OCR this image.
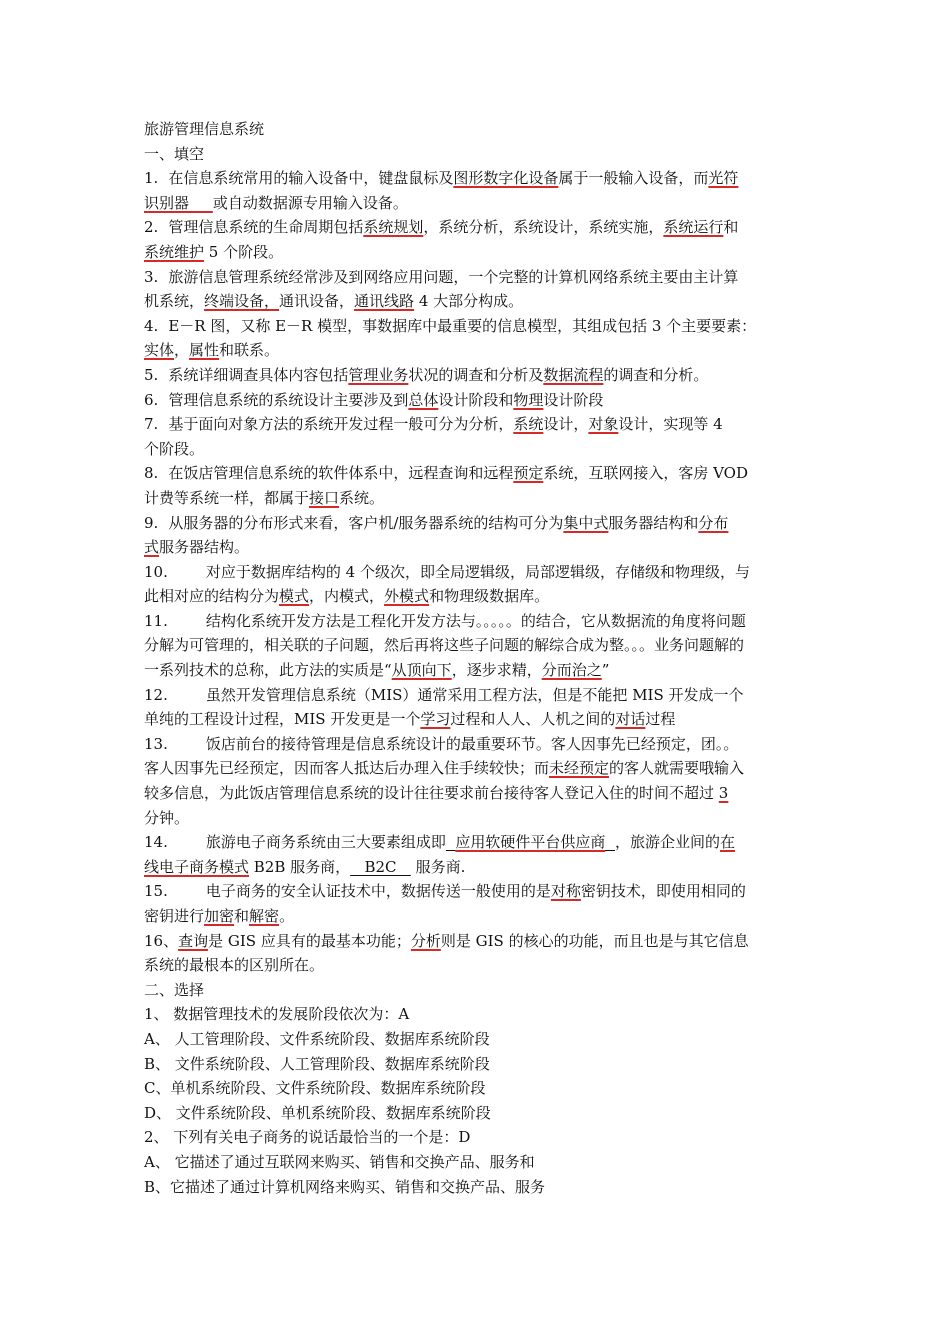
旅游管理信息系统
一、填空
1. 在信息系统常用的输入设备中，键盘鼠标及图形数字化设备属于一般输入设备，而光符
识别器 或自动数据源专用输入设备。
2. 管理信息系统的生命周期包括系统规划，系统分析，系统设计，系统实施，系统运行和
系统维护 5 个阶段。
3. 旅游信息管理系统经常涉及到网络应用问题，一个完整的计算机网络系统主要由主计算
机系统，终端设备，通讯设备，通讯线路 4 大部分构成。
4. E－R 图，又称 E－R 模型，事数据库中最重要的信息模型，其组成包括 3 个主要要素：
实体，属性和联系。
5. 系统详细调查具体内容包括管理业务状况的调查和分析及数据流程的调查和分析。
6. 管理信息系统的系统设计主要涉及到总体设计阶段和物理设计阶段
7. 基于面向对象方法的系统开发过程一般可分为分析，系统设计，对象设计，实现等 4
个阶段。
8. 在饭店管理信息系统的软件体系中，远程查询和远程预定系统，互联网接入，客房 VOD
计费等系统一样，都属于接口系统。
9. 从服务器的分布形式来看，客户机/服务器系统的结构可分为集中式服务器结构和分布
式服务器结构。
10.	对应于数据库结构的 4 个级次，即全局逻辑级，局部逻辑级，存储级和物理级，与
此相对应的结构分为模式，内模式，外模式和物理级数据库。
11.	结构化系统开发方法是工程化开发方法与。。。。。的结合，它从数据流的角度将问题
分解为可管理的，相关联的子问题，然后再将这些子问题的解综合成为整。。。业务问题解的
一系列技术的总称，此方法的实质是“从顶向下，逐步求精，分而治之”
12.	虽然开发管理信息系统（MIS）通常采用工程方法，但是不能把 MIS 开发成一个
单纯的工程设计过程，MIS 开发更是一个学习过程和人人、人机之间的对话过程
13.	饭店前台的接待管理是信息系统设计的最重要环节。客人因事先已经预定，团。。
客人因事先已经预定，因而客人抵达后办理入住手续较快；而未经预定的客人就需要哦输入
较多信息，为此饭店管理信息系统的设计往往要求前台接待客人登记入住的时间不超过 3
分钟。
14.	旅游电子商务系统由三大要素组成即 应用软硬件平台供应商 ，旅游企业间的在
线电子商务模式 B2B 服务商， B2C 服务商.
15.	电子商务的安全认证技术中，数据传送一般使用的是对称密钥技术，即使用相同的
密钥进行加密和解密。
16、查询是 GIS 应具有的最基本功能；分析则是 GIS 的核心的功能，而且也是与其它信息
系统的最根本的区别所在。
二、选择
1、 数据管理技术的发展阶段依次为：A
A、 人工管理阶段、文件系统阶段、数据库系统阶段
B、 文件系统阶段、人工管理阶段、数据库系统阶段
C、单机系统阶段、文件系统阶段、数据库系统阶段
D、 文件系统阶段、单机系统阶段、数据库系统阶段
2、 下列有关电子商务的说话最恰当的一个是：D
A、 它描述了通过互联网来购买、销售和交换产品、服务和
B、它描述了通过计算机网络来购买、销售和交换产品、服务
